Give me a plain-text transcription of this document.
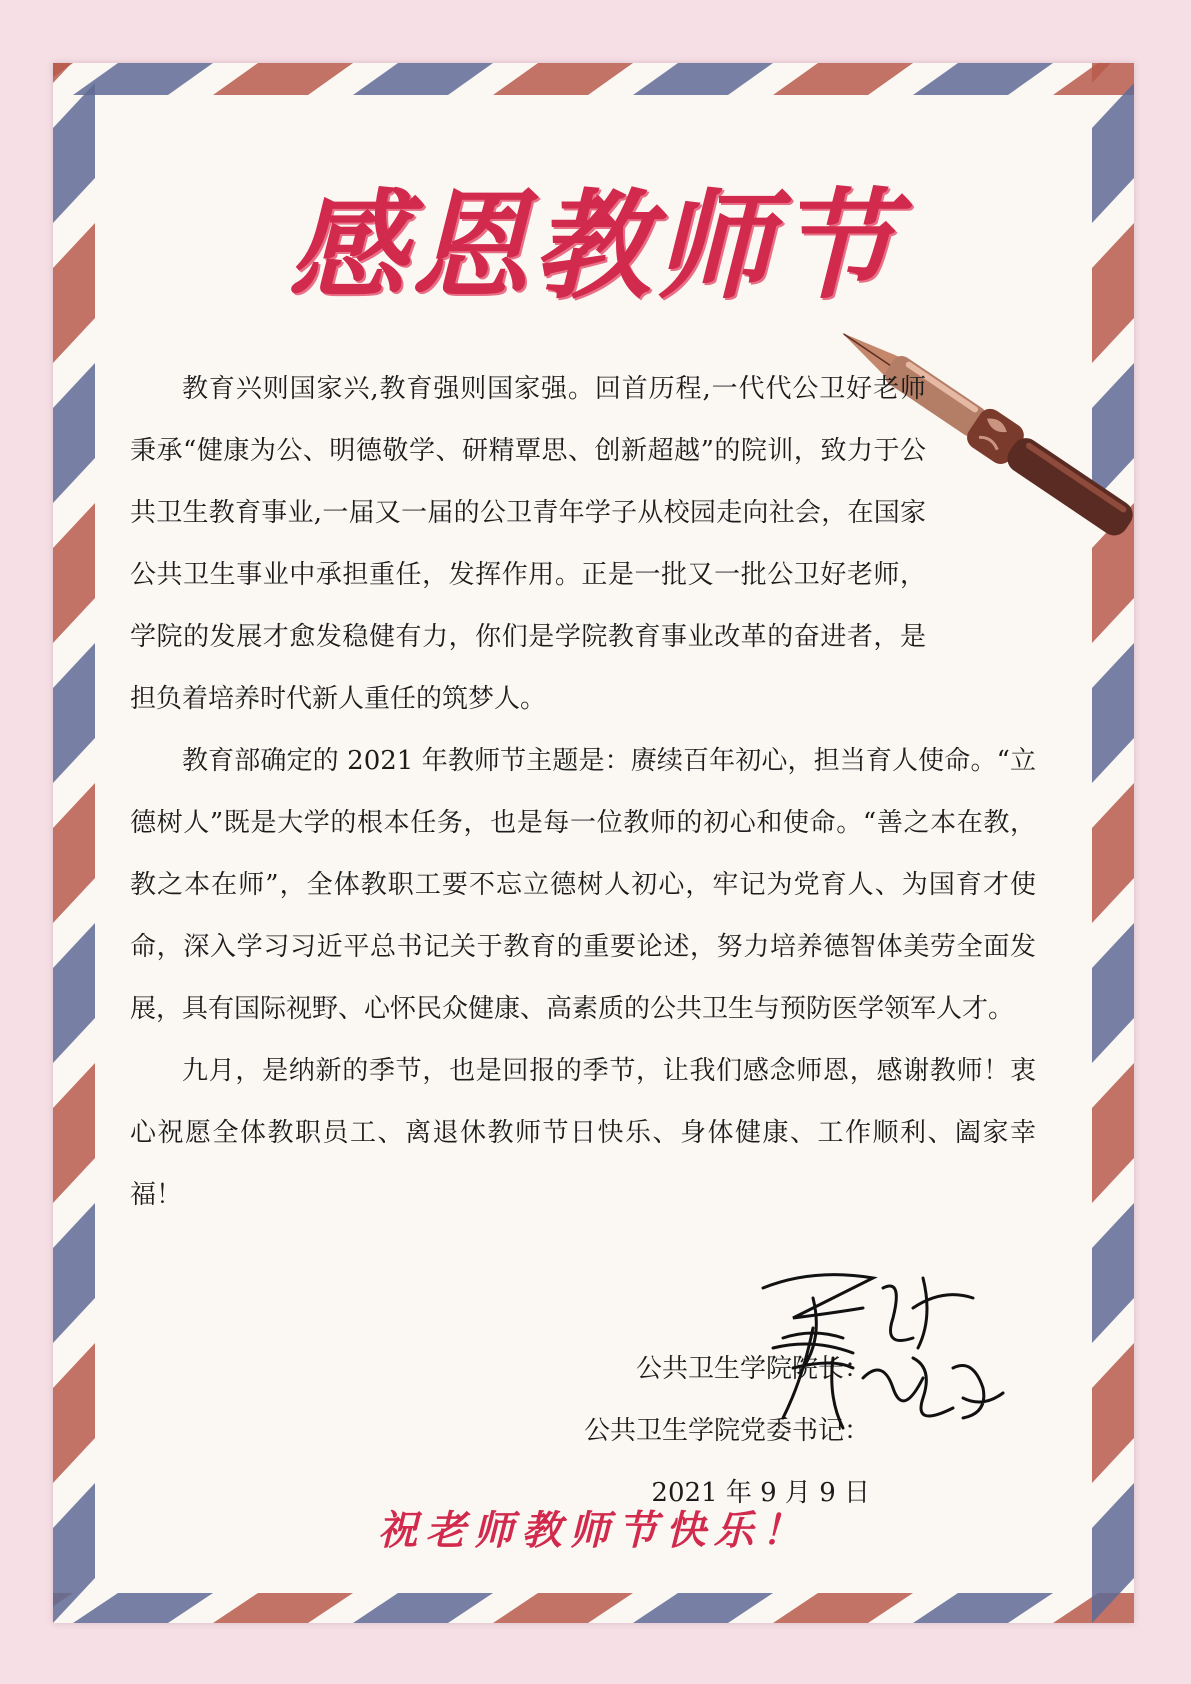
感恩教师节

教育兴则国家兴,教育强则国家强。回首历程,一代代公卫好老师秉承“健康为公、明德敬学、研精覃思、创新超越”的院训，致力于公共卫生教育事业,一届又一届的公卫青年学子从校园走向社会，在国家公共卫生事业中承担重任，发挥作用。正是一批又一批公卫好老师，学院的发展才愈发稳健有力，你们是学院教育事业改革的奋进者，是担负着培养时代新人重任的筑梦人。

教育部确定的 2021 年教师节主题是：赓续百年初心，担当育人使命。“立德树人”既是大学的根本任务，也是每一位教师的初心和使命。“善之本在教，教之本在师”，全体教职工要不忘立德树人初心，牢记为党育人、为国育才使命，深入学习习近平总书记关于教育的重要论述，努力培养德智体美劳全面发展，具有国际视野、心怀民众健康、高素质的公共卫生与预防医学领军人才。

九月，是纳新的季节，也是回报的季节，让我们感念师恩，感谢教师！衷心祝愿全体教职员工、离退休教师节日快乐、身体健康、工作顺利、阖家幸福！

公共卫生学院院长：
公共卫生学院党委书记：
2021 年 9 月 9 日
祝老师教师节快乐！
